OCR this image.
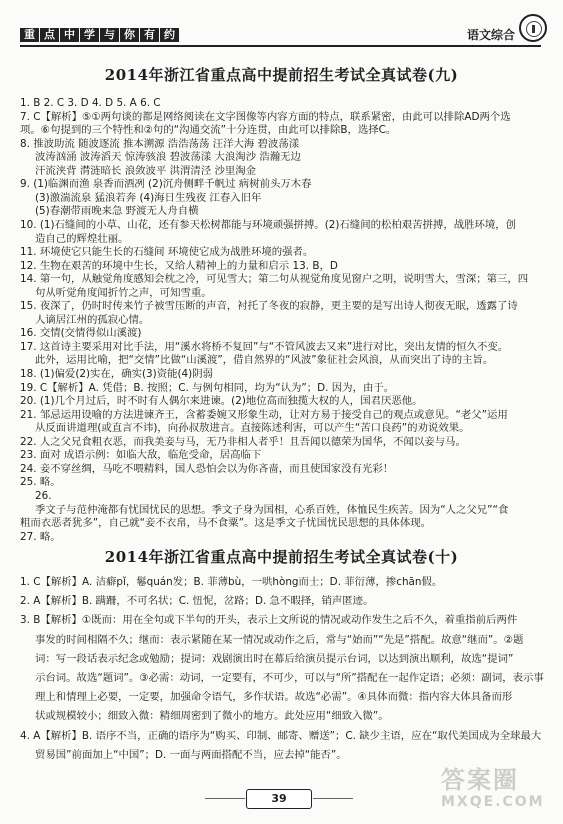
重 点 中 学 与 你 有 约	语文综合
2014年浙江省重点高中提前招生考试全真试卷(九)
1. B 2. C 3. D 4. D 5. A 6. C
7. C【解析】⑤①两句谈的都是网络阅读在文字图像等内容方面的特点，联系紧密，由此可以排除AD两个选
项。⑥句提到的三个特性和②句的“沟通交流”十分连贯，由此可以排除B，选择C。
8. 推波助流 随波逐流 推本溯源 浩浩荡荡 汪洋大海 碧波荡漾
波涛汹涌 波涛滔天 惊涛骇浪 碧波荡漾 大浪淘沙 浩瀚无边
汗流浃背 潸涟暗长 浪敛波平 洪渭清泾 沙里淘金
9. (1)临渊而渔 泉香而酒冽 (2)沉舟侧畔千帆过 病树前头万木春
(3)激湍流泉 猛浪若奔 (4)海日生残夜 江春入旧年
(5)春潮带雨晚来急 野渡无人舟自横
10. (1)石缝间的小草、山花，还有参天松树都能与环境顽强拼搏。(2)石缝间的松柏艰苦拼搏，战胜环境，创
造自己的辉煌壮丽。
11. 环境使它只能生长的石缝间 环境使它成为战胜环境的强者。
12. 生物在艰苦的环境中生长，又给人精神上的力量和启示 13. B，D
14. 第一句，从触觉角度感知会枕之冷，可见雪大；第二句从视觉角度见窗户之明，说明雪大，雪深；第三，四
句从听觉角度闻折竹之声，可知雪重。
15. 夜深了，仍时时传来竹子被雪压断的声音，衬托了冬夜的寂静，更主要的是写出诗人彻夜无眠，透露了诗
人谪居江州的孤寂心情。
16. 交情(交情得似山溪渡)
17. 这首诗主要采用对比手法，用“溪水将桥不复回”与“不管风波去又来”进行对比，突出友情的恒久不变。
此外，运用比喻，把“交情”比做“山溪渡”，借自然界的“风波”象征社会风浪，从而突出了诗的主旨。
18. (1)偏爱(2)实在，确实(3)资能(4)阴弱
19. C【解析】A. 凭借；B. 按照；C. 与例句相同，均为“认为”；D. 因为，由于。
20. (1)几个月过后，时不时有人偶尔来进谏。(2)地位高而独揽大权的人，国君厌恶他。
21. 邹忌运用设喻的方法进谏齐王，含蓄委婉又形象生动，让对方易于接受自己的观点或意见。“老父”运用
从反面讲道理(或直言不讳)，向孙叔敖进言。直接陈述利害，可以产生“苦口良药”的劝说效果。
22. 人之父兄食粗衣恶，而我美妾与马，无乃非相人者乎！且吾闻以德荣为国华，不闻以妾与马。
23. 面对 成语示例：如临大敌，临危受命，居高临下
24. 妾不穿丝绸，马吃不喂精料，国人恐怕会以为你吝啬，而且使国家没有光彩！
25. 略。
26.
季文子与范仲淹都有忧国忧民的思想。季文子身为国相，心系百姓，体恤民生疾苦。因为“人之父兄”“食
粗而衣恶者犹多”，自己就“妾不衣帛，马不食粟”。这是季文子忧国忧民思想的具体体现。
27. 略。
2014年浙江省重点高中提前招生考试全真试卷(十)
1. C【解析】A. 洁癖pǐ，鬈quán发；B. 菲薄bù，一哄hòng而士；D. 菲衍薄，掺chān假。
2. A【解析】B. 蹒跚，不可名状；C. 忸怩，岔路；D. 急不暇择，销声匿迹。
3. B【解析】①既而：用在全句或下半句的开头，表示上文所说的情况或动作发生之后不久，着重指前后两件
事发的时间相隔不久；继而：表示紧随在某一情况或动作之后，常与“始而”“先是”搭配。故意“继而”。②题
词：写一段话表示纪念或勉励；提词：戏剧演出时在幕后给演员提示台词，以达到演出顺利，故选“提词”
示台词。故选“题词”。③必需：动词，一定要有，不可少，可以与“所”搭配在一起作定语；必须：副词，表示事
理上和情理上必要，一定要，加强命令语气，多作状语。故选“必需”。④具体而微：指内容大体具备而形
状或规模较小；细致入微：精细周密到了微小的地方。此处应用“细致入微”。
4. A【解析】B. 语序不当，正确的语序为“购买、印制、邮寄、赠送”；C. 缺少主语，应在“取代美国成为全球最大
贸易国”前面加上“中国”；D. 一面与两面搭配不当，应去掉“能否”。
39
答案圈
MXQE.COM
